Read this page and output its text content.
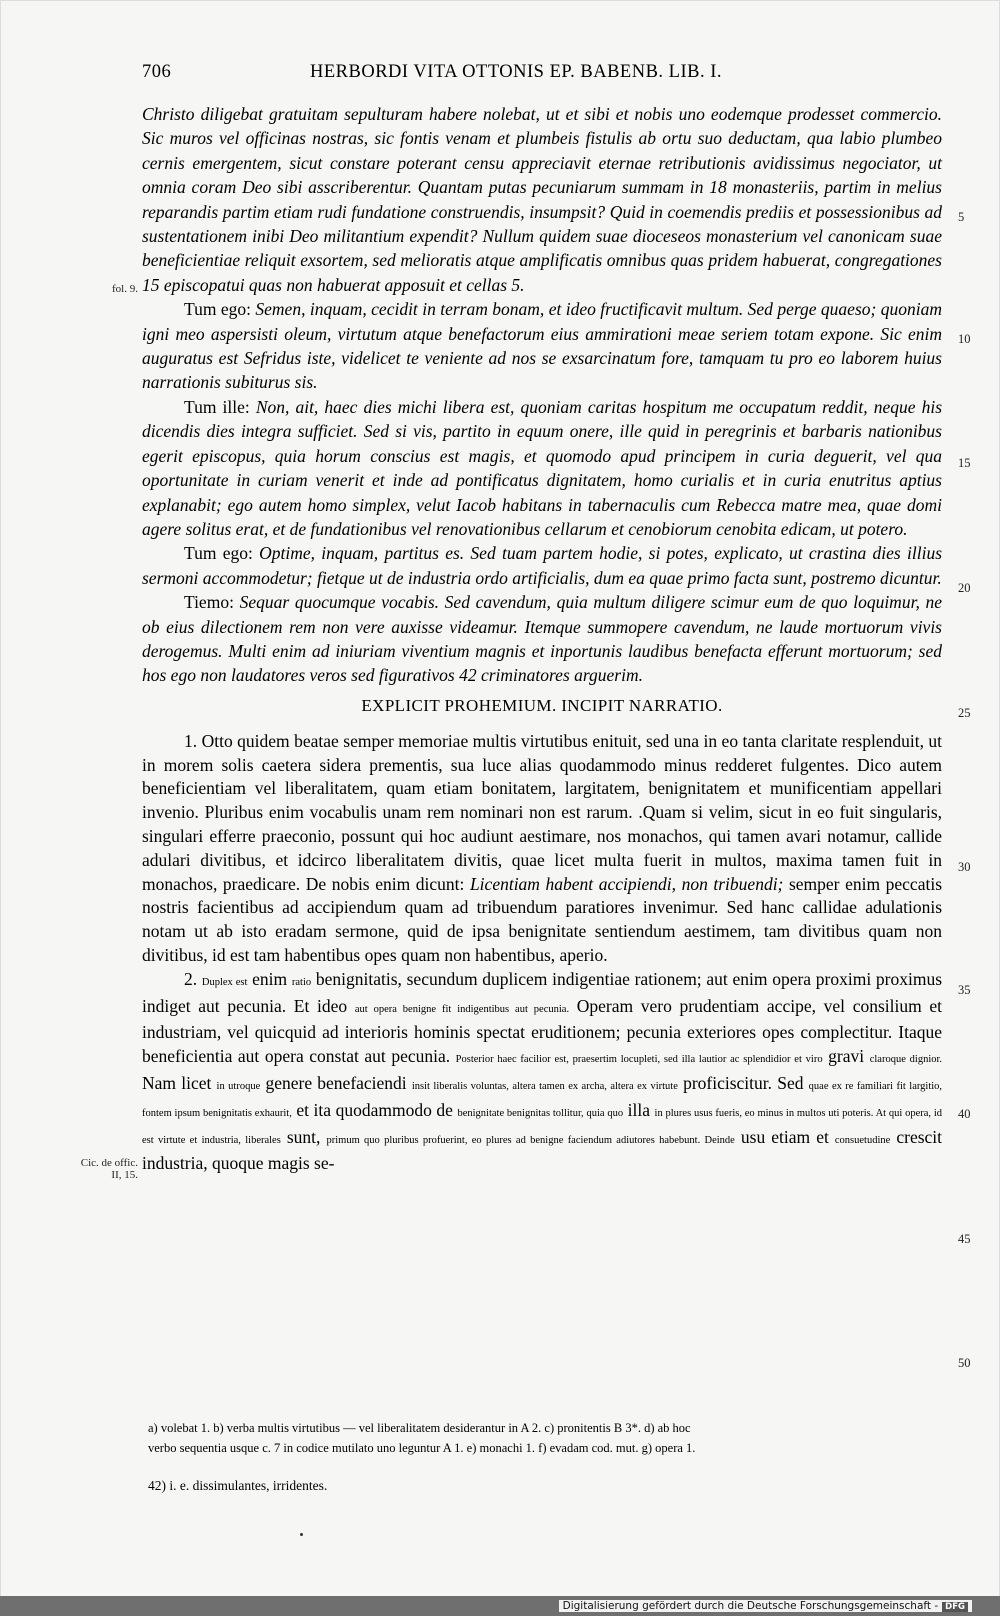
706	HERBORDI VITA OTTONIS EP. BABENB. LIB. I.
fol. 9.
Cic. de offic.
II, 15.
5
10
15
20
25
30
35
40
45
50

Christo diligebat gratuitam sepulturam habere nolebat, ut et sibi et nobis uno eodemque prodesset commercio. Sic muros vel officinas nostras, sic fontis venam et plumbeis fistulis ab ortu suo deductam, qua labio plumbeo cernis emergentem, sicut constare poterant censu appreciavit eternae retributionis avidissimus negociator, ut omnia coram Deo sibi asscriberentur. Quantam putas pecuniarum summam in 18 monasteriis, partim in melius reparandis partim etiam rudi fundatione construendis, insumpsit? Quid in coemendis prediis et possessionibus ad sustentationem inibi Deo militantium expendit? Nullum quidem suae dioceseos monasterium vel canonicam suae beneficientiae reliquit exsortem, sed melioratis atque amplificatis omnibus quas pridem habuerat, congregationes 15 episcopatui quas non habuerat apposuit et cellas 5.

Tum ego: Semen, inquam, cecidit in terram bonam, et ideo fructificavit multum. Sed perge quaeso; quoniam igni meo aspersisti oleum, virtutum atque benefactorum eius ammirationi meae seriem totam expone. Sic enim auguratus est Sefridus iste, videlicet te veniente ad nos se exsarcinatum fore, tamquam tu pro eo laborem huius narrationis subiturus sis.

Tum ille: Non, ait, haec dies michi libera est, quoniam caritas hospitum me occupatum reddit, neque his dicendis dies integra sufficiet. Sed si vis, partito in equum onere, ille quid in peregrinis et barbaris nationibus egerit episcopus, quia horum conscius est magis, et quomodo apud principem in curia deguerit, vel qua oportunitate in curiam venerit et inde ad pontificatus dignitatem, homo curialis et in curia enutritus aptius explanabit; ego autem homo simplex, velut Iacob habitans in tabernaculis cum Rebecca matre mea, quae domi agere solitus erat, et de fundationibus vel renovationibus cellarum et cenobiorum cenobita edicam, ut potero.

Tum ego: Optime, inquam, partitus es. Sed tuam partem hodie, si potes, explicato, ut crastina dies illius sermoni accommodetur; fietque ut de industria ordo artificialis, dum ea quae primo facta sunt, postremo dicuntur.

Tiemo: Sequar quocumque vocabis. Sed cavendum, quia multum diligere scimur eum de quo loquimur, ne ob eius dilectionem rem non vere auxisse videamur. Itemque summopere cavendum, ne laude mortuorum vivis derogemus. Multi enim ad iniuriam viventium magnis et inportunis laudibus benefacta efferunt mortuorum; sed hos ego non laudatores veros sed figurativos 42 criminatores arguerim.

EXPLICIT PROHEMIUM. INCIPIT NARRATIO.

1. Otto quidem beatae semper memoriae multis virtutibus enituit, sed una in eo tanta claritate resplenduit, ut in morem solis caetera sidera prementis, sua luce alias quodammodo minus redderet fulgentes. Dico autem beneficientiam vel liberalitatem, quam etiam bonitatem, largitatem, benignitatem et munificentiam appellari invenio. Pluribus enim vocabulis unam rem nominari non est rarum. .Quam si velim, sicut in eo fuit singularis, singulari efferre praeconio, possunt qui hoc audiunt aestimare, nos monachos, qui tamen avari notamur, callide adulari divitibus, et idcirco liberalitatem divitis, quae licet multa fuerit in multos, maxima tamen fuit in monachos, praedicare. De nobis enim dicunt: Licentiam habent accipiendi, non tribuendi; semper enim peccatis nostris facientibus ad accipiendum quam ad tribuendum paratiores invenimur. Sed hanc callidae adulationis notam ut ab isto eradam sermone, quid de ipsa benignitate sentiendum aestimem, tam divitibus quam non divitibus, id est tam habentibus opes quam non habentibus, aperio.

2. Duplex est enim ratio benignitatis, secundum duplicem indigentiae rationem; aut enim opera proximi proximus indiget aut pecunia. Et ideo aut opera benigne fit indigentibus aut pecunia. Operam vero prudentiam accipe, vel consilium et industriam, vel quicquid ad interioris hominis spectat eruditionem; pecunia exteriores opes complectitur. Itaque beneficientia aut opera constat aut pecunia. Posterior haec facilior est, praesertim locupleti, sed illa lautior ac splendidior et viro gravi claroque dignior. Nam licet in utroque genere benefaciendi insit liberalis voluntas, altera tamen ex archa, altera ex virtute proficiscitur. Sed quae ex re familiari fit largitio, fontem ipsum benignitatis exhaurit, et ita quodammodo de benignitate benignitas tollitur, quia quo illa in plures usus fueris, eo minus in multos uti poteris. At qui opera, id est virtute et industria, liberales sunt, primum quo pluribus profuerint, eo plures ad benigne faciendum adiutores habebunt. Deinde usu etiam et consuetudine crescit industria, quoque magis se-

a) volebat 1. b) verba multis virtutibus — vel liberalitatem desiderantur in A 2. c) pronitentis B 3*. d) ab hoc
verbo sequentia usque c. 7 in codice mutilato uno leguntur A 1. e) monachi 1. f) evadam cod. mut. g) opera 1.
42) i. e. dissimulantes, irridentes.
Digitalisierung gefördert durch die Deutsche Forschungsgemeinschaft - DFG
